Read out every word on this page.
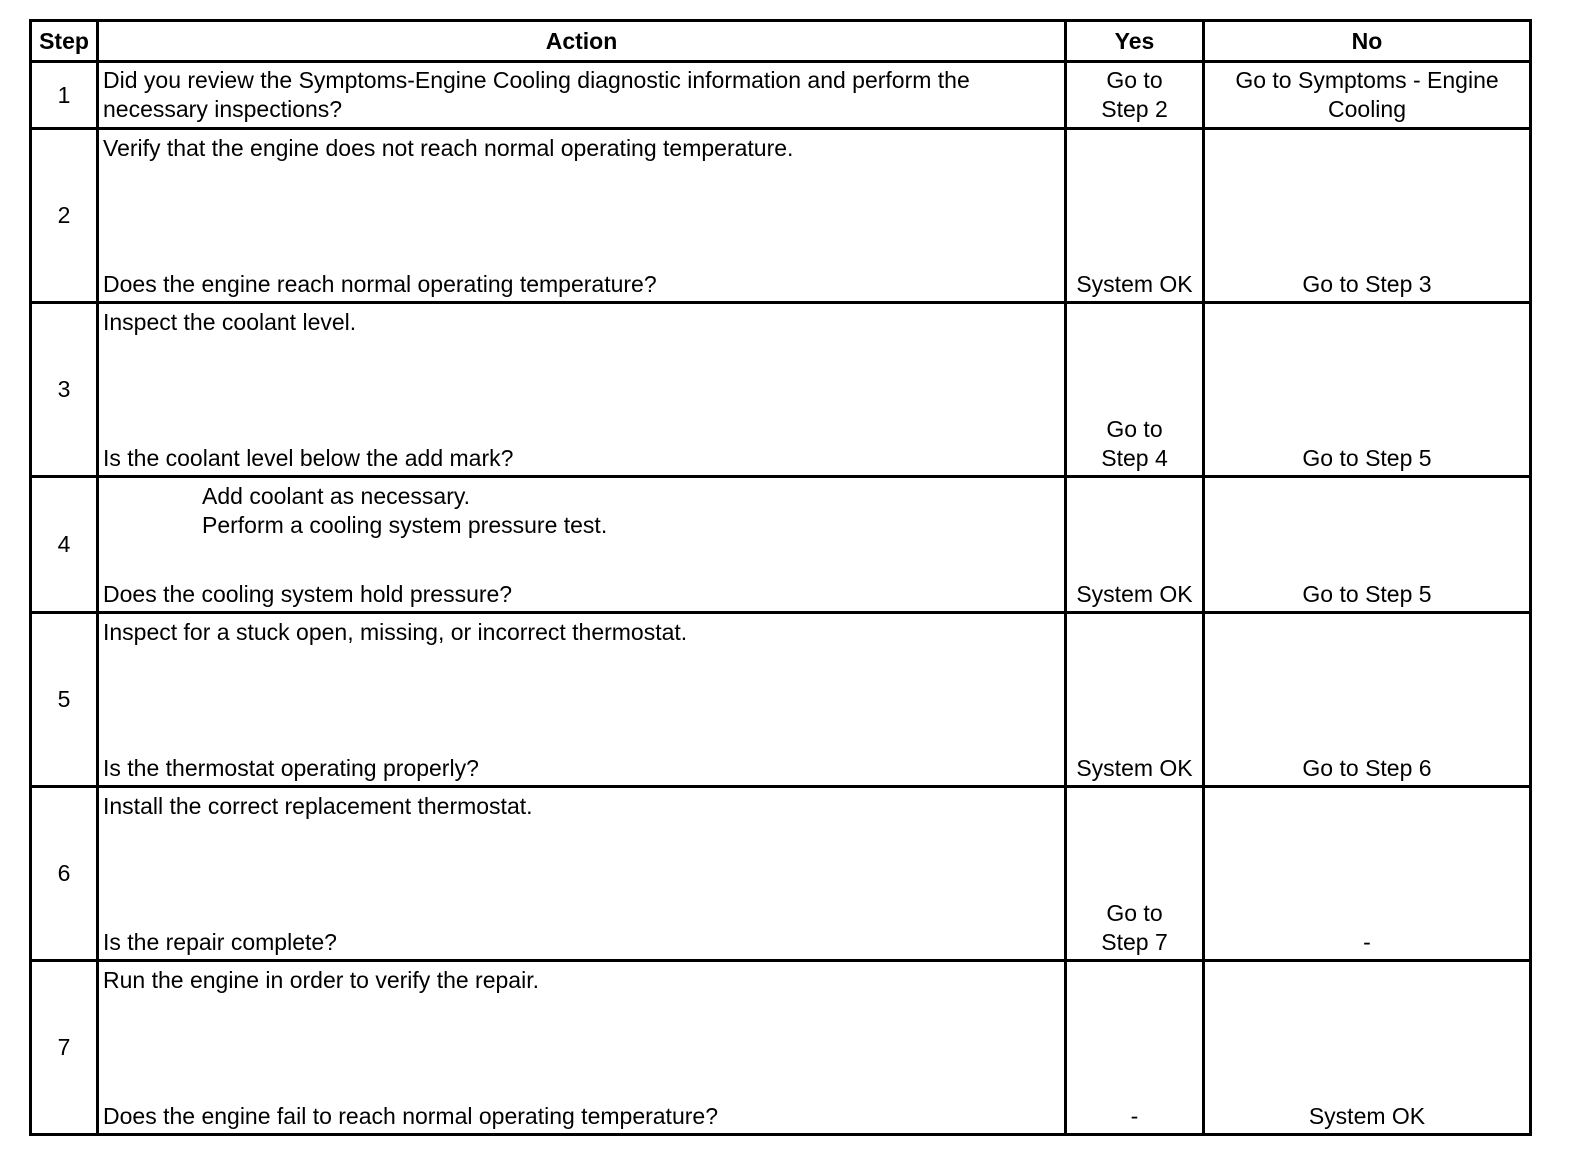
Step	Action	Yes	No
1	Did you review the Symptoms-Engine Cooling diagnostic information and perform the necessary inspections?	Go to Step 2	Go to Symptoms - Engine Cooling

2	Verify that the engine does not reach normal operating temperature.
Does the engine reach normal operating temperature?	System OK	Go to Step 3

3	Inspect the coolant level.
Is the coolant level below the add mark?	Go to Step 4	Go to Step 5

4	Add coolant as necessary.
Perform a cooling system pressure test.
Does the cooling system hold pressure?	System OK	Go to Step 5

5	Inspect for a stuck open, missing, or incorrect thermostat.
Is the thermostat operating properly?	System OK	Go to Step 6

6	Install the correct replacement thermostat.
Is the repair complete?	Go to Step 7	-

7	Run the engine in order to verify the repair.
Does the engine fail to reach normal operating temperature?	-	System OK
